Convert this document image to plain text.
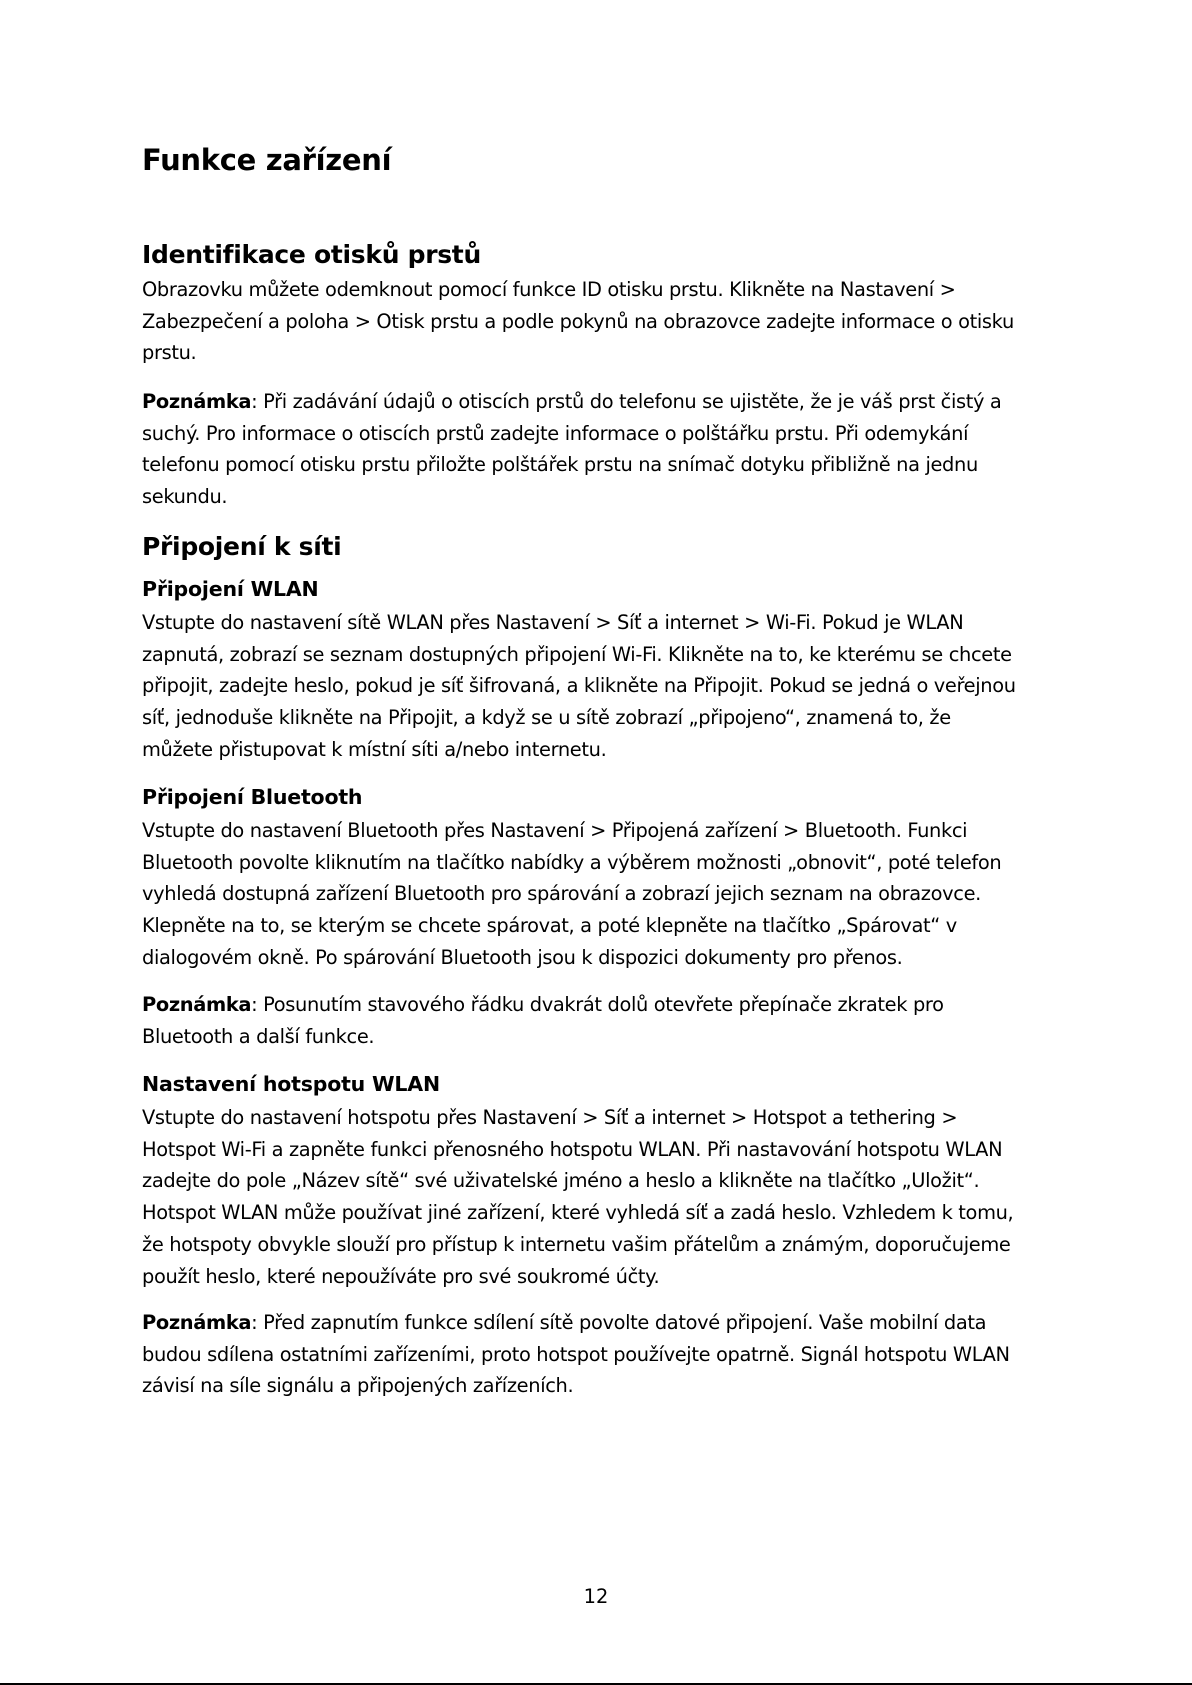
Funkce zařízení
Identifikace otisků prstů

Obrazovku můžete odemknout pomocí funkce ID otisku prstu. Klikněte na Nastavení >
Zabezpečení a poloha > Otisk prstu a podle pokynů na obrazovce zadejte informace o otisku
prstu.

Poznámka: Při zadávání údajů o otiscích prstů do telefonu se ujistěte, že je váš prst čistý a
suchý. Pro informace o otiscích prstů zadejte informace o polštářku prstu. Při odemykání
telefonu pomocí otisku prstu přiložte polštářek prstu na snímač dotyku přibližně na jednu
sekundu.

Připojení k síti
Připojení WLAN

Vstupte do nastavení sítě WLAN přes Nastavení > Síť a internet > Wi-Fi. Pokud je WLAN
zapnutá, zobrazí se seznam dostupných připojení Wi-Fi. Klikněte na to, ke kterému se chcete
připojit, zadejte heslo, pokud je síť šifrovaná, a klikněte na Připojit. Pokud se jedná o veřejnou
síť, jednoduše klikněte na Připojit, a když se u sítě zobrazí „připojeno“, znamená to, že
můžete přistupovat k místní síti a/nebo internetu.

Připojení Bluetooth

Vstupte do nastavení Bluetooth přes Nastavení > Připojená zařízení > Bluetooth. Funkci
Bluetooth povolte kliknutím na tlačítko nabídky a výběrem možnosti „obnovit“, poté telefon
vyhledá dostupná zařízení Bluetooth pro spárování a zobrazí jejich seznam na obrazovce.
Klepněte na to, se kterým se chcete spárovat, a poté klepněte na tlačítko „Spárovat“ v
dialogovém okně. Po spárování Bluetooth jsou k dispozici dokumenty pro přenos.

Poznámka: Posunutím stavového řádku dvakrát dolů otevřete přepínače zkratek pro
Bluetooth a další funkce.

Nastavení hotspotu WLAN

Vstupte do nastavení hotspotu přes Nastavení > Síť a internet > Hotspot a tethering >
Hotspot Wi-Fi a zapněte funkci přenosného hotspotu WLAN. Při nastavování hotspotu WLAN
zadejte do pole „Název sítě“ své uživatelské jméno a heslo a klikněte na tlačítko „Uložit“.
Hotspot WLAN může používat jiné zařízení, které vyhledá síť a zadá heslo. Vzhledem k tomu,
že hotspoty obvykle slouží pro přístup k internetu vašim přátelům a známým, doporučujeme
použít heslo, které nepoužíváte pro své soukromé účty.

Poznámka: Před zapnutím funkce sdílení sítě povolte datové připojení. Vaše mobilní data
budou sdílena ostatními zařízeními, proto hotspot používejte opatrně. Signál hotspotu WLAN
závisí na síle signálu a připojených zařízeních.

12
